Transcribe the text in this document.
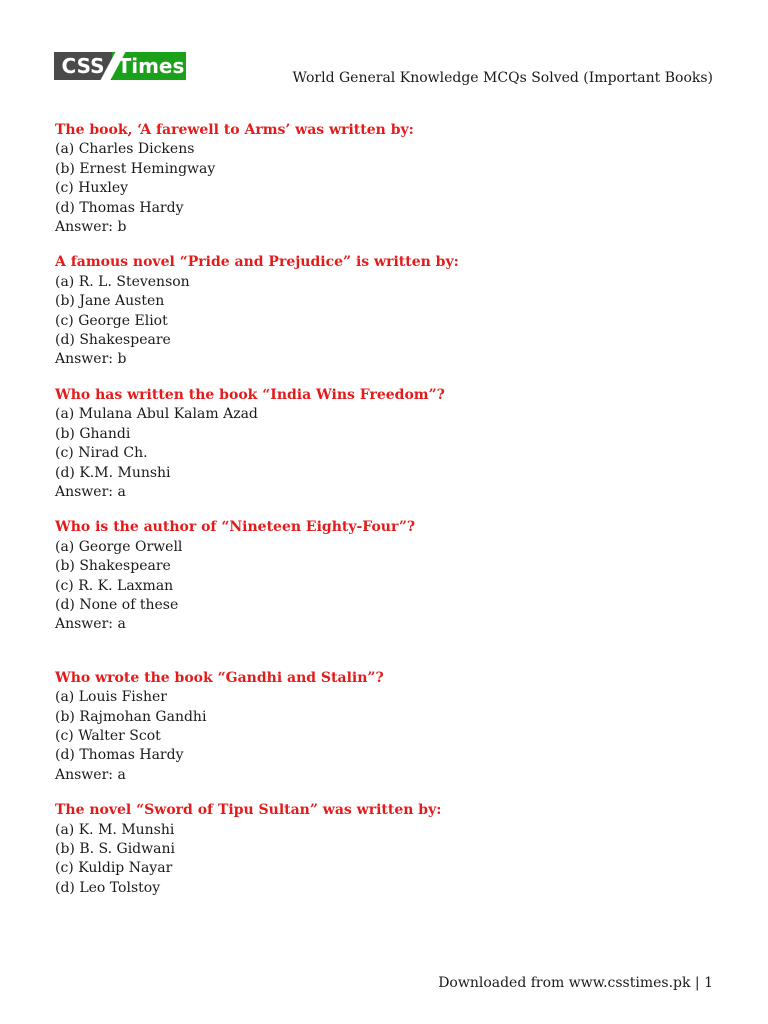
CSS Times	World General Knowledge MCQs Solved (Important Books)
The book, ‘A farewell to Arms’ was written by:
(a) Charles Dickens
(b) Ernest Hemingway
(c) Huxley
(d) Thomas Hardy
Answer: b
A famous novel “Pride and Prejudice” is written by:
(a) R. L. Stevenson
(b) Jane Austen
(c) George Eliot
(d) Shakespeare
Answer: b
Who has written the book “India Wins Freedom”?
(a) Mulana Abul Kalam Azad
(b) Ghandi
(c) Nirad Ch.
(d) K.M. Munshi
Answer: a
Who is the author of “Nineteen Eighty-Four”?
(a) George Orwell
(b) Shakespeare
(c) R. K. Laxman
(d) None of these
Answer: a
Who wrote the book “Gandhi and Stalin”?
(a) Louis Fisher
(b) Rajmohan Gandhi
(c) Walter Scot
(d) Thomas Hardy
Answer: a
The novel “Sword of Tipu Sultan” was written by:
(a) K. M. Munshi
(b) B. S. Gidwani
(c) Kuldip Nayar
(d) Leo Tolstoy
Downloaded from www.csstimes.pk | 1
